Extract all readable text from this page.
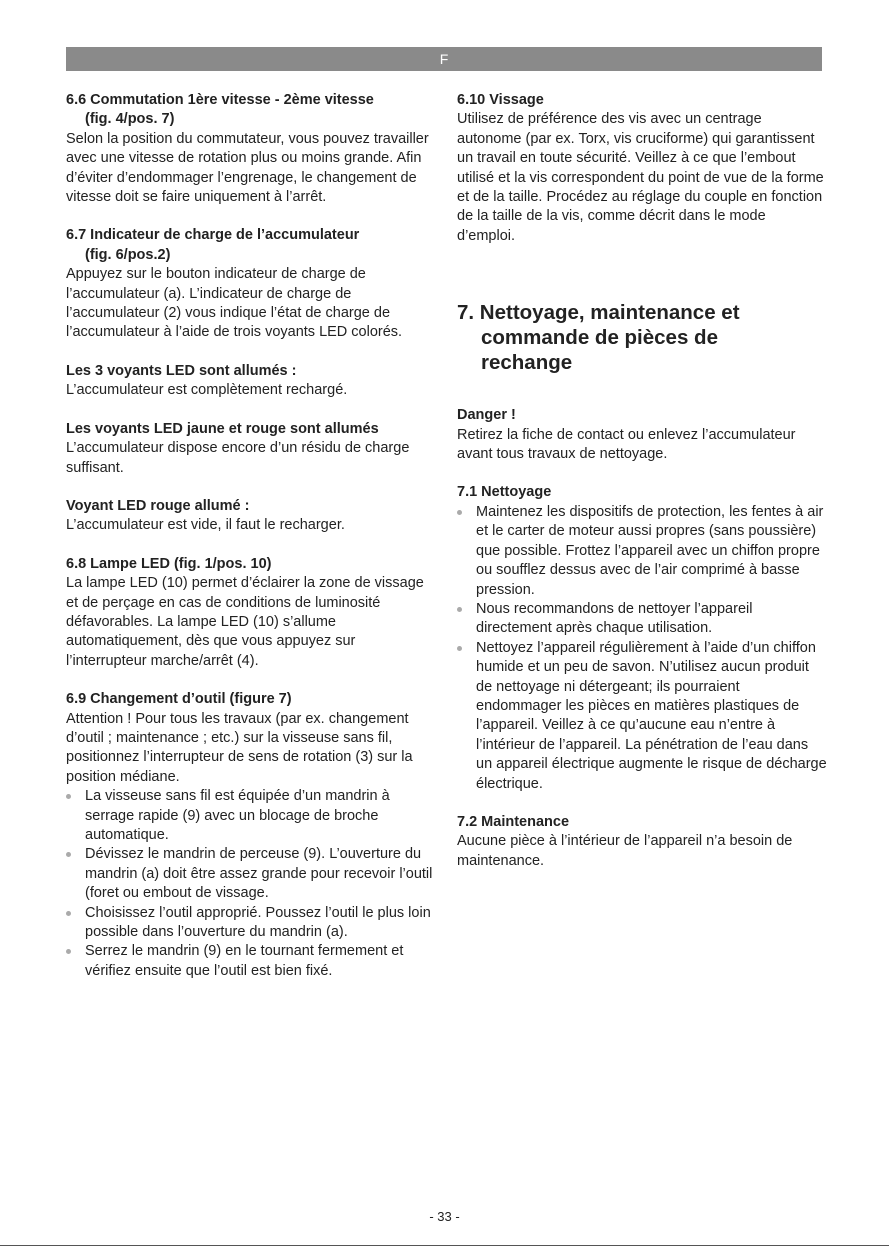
F
6.6 Commutation 1ère vitesse - 2ème vitesse
(fig. 4/pos. 7)

Selon la position du commutateur, vous pouvez travailler avec une vitesse de rotation plus ou moins grande. Afin d’éviter d’endommager l’engrenage, le changement de vitesse doit se faire uniquement à l’arrêt.

6.7 Indicateur de charge de l’accumulateur
(fig. 6/pos.2)

Appuyez sur le bouton indicateur de charge de l’accumulateur (a). L’indicateur de charge de l’accumulateur (2) vous indique l’état de charge de l’accumulateur à l’aide de trois voyants LED colorés.

Les 3 voyants LED sont allumés :

L’accumulateur est complètement rechargé.

Les voyants LED jaune et rouge sont allumés

L’accumulateur dispose encore d’un résidu de charge suffisant.

Voyant LED rouge allumé :

L’accumulateur est vide, il faut le recharger.

6.8 Lampe LED (fig. 1/pos. 10)

La lampe LED (10) permet d’éclairer la zone de vissage et de perçage en cas de conditions de luminosité défavorables. La lampe LED (10) s’allume automatiquement, dès que vous appuyez sur l’interrupteur marche/arrêt (4).

6.9 Changement d’outil (figure 7)

Attention ! Pour tous les travaux (par ex. changement d’outil ; maintenance ; etc.) sur la visseuse sans fil, positionnez l’interrupteur de sens de rotation (3) sur la position médiane.

La visseuse sans fil est équipée d’un mandrin à serrage rapide (9) avec un blocage de broche automatique.
Dévissez le mandrin de perceuse (9). L’ouverture du mandrin (a) doit être assez grande pour recevoir l’outil (foret ou embout de vissage.
Choisissez l’outil approprié. Poussez l’outil le plus loin possible dans l’ouverture du mandrin (a).
Serrez le mandrin (9) en le tournant fermement et vérifiez ensuite que l’outil est bien fixé.
6.10 Vissage

Utilisez de préférence des vis avec un centrage autonome (par ex. Torx, vis cruciforme) qui garantissent un travail en toute sécurité. Veillez à ce que l’embout utilisé et la vis correspondent du point de vue de la forme et de la taille. Procédez au réglage du couple en fonction de la taille de la vis, comme décrit dans le mode d’emploi.

7. Nettoyage, maintenance et
commande de pièces de
rechange
Danger !

Retirez la fiche de contact ou enlevez l’accumulateur avant tous travaux de nettoyage.

7.1 Nettoyage
Maintenez les dispositifs de protection, les fentes à air et le carter de moteur aussi propres (sans poussière) que possible. Frottez l’appareil avec un chiffon propre ou soufflez dessus avec de l’air comprimé à basse pression.
Nous recommandons de nettoyer l’appareil directement après chaque utilisation.
Nettoyez l’appareil régulièrement à l’aide d’un chiffon humide et un peu de savon. N’utilisez aucun produit de nettoyage ni détergeant; ils pourraient endommager les pièces en matières plastiques de l’appareil. Veillez à ce qu’aucune eau n’entre à l’intérieur de l’appareil. La pénétration de l’eau dans un appareil électrique augmente le risque de décharge électrique.
7.2 Maintenance

Aucune pièce à l’intérieur de l’appareil n’a besoin de maintenance.

- 33 -
